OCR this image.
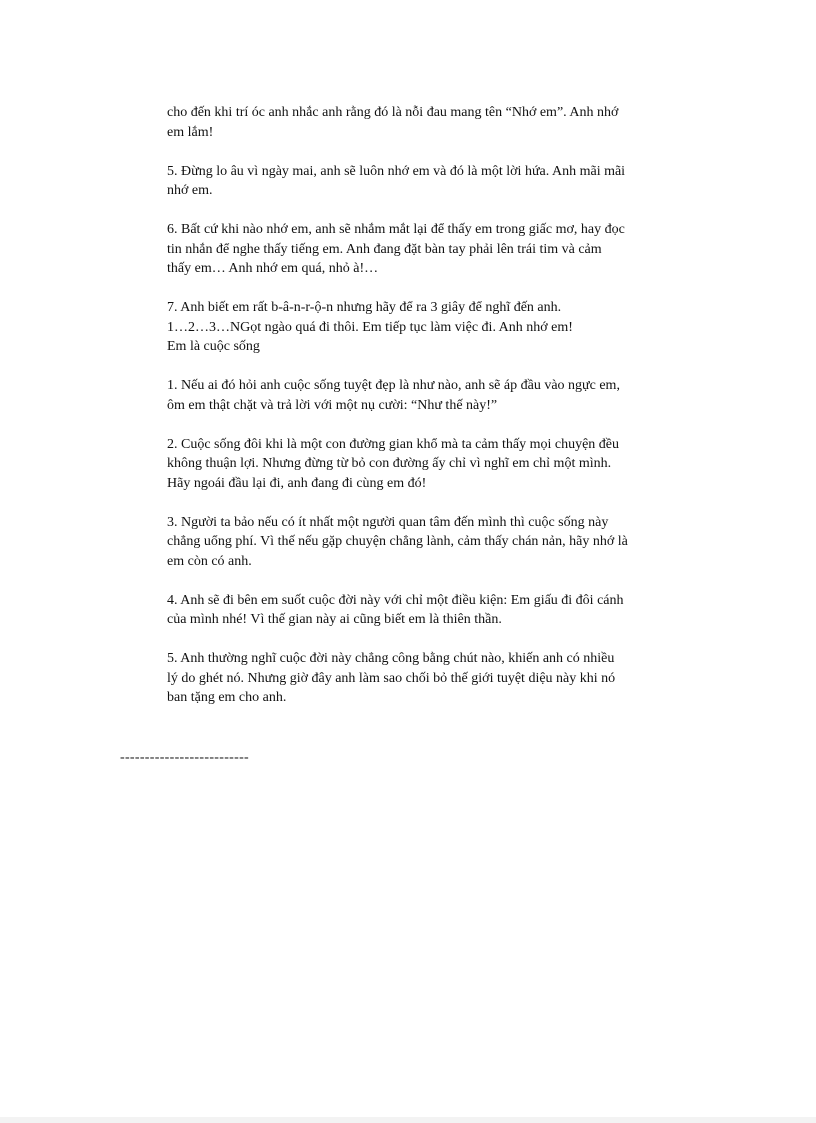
cho đến khi trí óc anh nhắc anh rằng đó là nỗi đau mang tên “Nhớ em”. Anh nhớ
em lắm!

5. Đừng lo âu vì ngày mai, anh sẽ luôn nhớ em và đó là một lời hứa. Anh mãi mãi
nhớ em.

6. Bất cứ khi nào nhớ em, anh sẽ nhắm mắt lại để thấy em trong giấc mơ, hay đọc
tin nhắn để nghe thấy tiếng em. Anh đang đặt bàn tay phải lên trái tim và cảm
thấy em… Anh nhớ em quá, nhỏ à!…

7. Anh biết em rất b-â-n-r-ộ-n nhưng hãy để ra 3 giây để nghĩ đến anh.
1…2…3…NGọt ngào quá đi thôi. Em tiếp tục làm việc đi. Anh nhớ em!
Em là cuộc sống

1. Nếu ai đó hỏi anh cuộc sống tuyệt đẹp là như nào, anh sẽ áp đầu vào ngực em,
ôm em thật chặt và trả lời với một nụ cười: “Như thế này!”

2. Cuộc sống đôi khi là một con đường gian khổ mà ta cảm thấy mọi chuyện đều
không thuận lợi. Nhưng đừng từ bỏ con đường ấy chỉ vì nghĩ em chỉ một mình.
Hãy ngoái đầu lại đi, anh đang đi cùng em đó!

3. Người ta bảo nếu có ít nhất một người quan tâm đến mình thì cuộc sống này
chẳng uổng phí. Vì thế nếu gặp chuyện chẳng lành, cảm thấy chán nản, hãy nhớ là
em còn có anh.

4. Anh sẽ đi bên em suốt cuộc đời này với chỉ một điều kiện: Em giấu đi đôi cánh
của mình nhé! Vì thế gian này ai cũng biết em là thiên thần.

5. Anh thường nghĩ cuộc đời này chẳng công bằng chút nào, khiến anh có nhiều
lý do ghét nó. Nhưng giờ đây anh làm sao chối bỏ thế giới tuyệt diệu này khi nó
ban tặng em cho anh.

--------------------------
